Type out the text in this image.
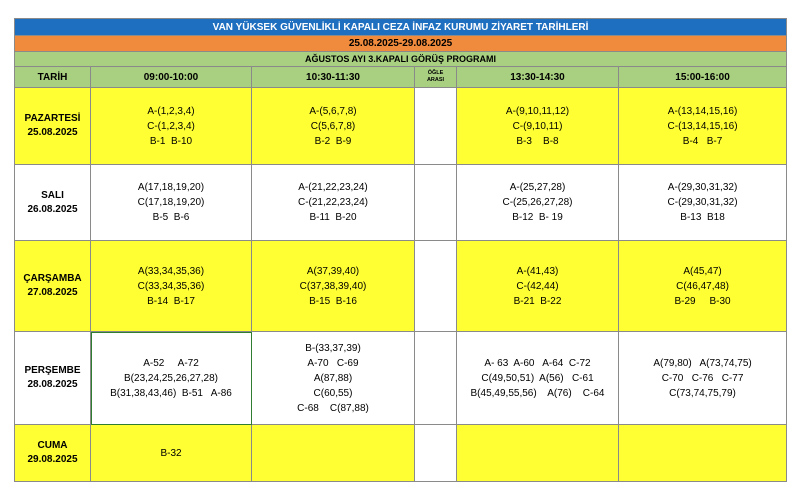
VAN YÜKSEK GÜVENLİKLİ KAPALI CEZA İNFAZ KURUMU ZİYARET TARİHLERİ					
25.08.2025-29.08.2025					
AĞUSTOS AYI 3.KAPALI GÖRÜŞ PROGRAMI					
TARİH	09:00-10:00	10:30-11:30	ÖĞLE
ARASI	13:30-14:30	15:00-16:00

PAZARTESİ
25.08.2025	A-(1,2,3,4)
C-(1,2,3,4)
B-1  B-10	A-(5,6,7,8)
C(5,6,7,8)
B-2  B-9		A-(9,10,11,12)
C-(9,10,11)
B-3    B-8	A-(13,14,15,16)
C-(13,14,15,16)
B-4   B-7

SALI
26.08.2025	A(17,18,19,20)
C(17,18,19,20)
B-5  B-6	A-(21,22,23,24)
C-(21,22,23,24)
B-11  B-20		A-(25,27,28)
C-(25,26,27,28)
B-12  B- 19	A-(29,30,31,32)
C-(29,30,31,32)
B-13  B18

ÇARŞAMBA
27.08.2025	A(33,34,35,36)
C(33,34,35,36)
B-14  B-17	A(37,39,40)
C(37,38,39,40)
B-15  B-16		A-(41,43)
C-(42,44)
B-21  B-22	A(45,47)
C(46,47,48)
B-29     B-30

PERŞEMBE
28.08.2025	A-52     A-72
B(23,24,25,26,27,28)
B(31,38,43,46)  B-51   A-86	B-(33,37,39)
A-70   C-69
A(87,88)
C(60,55)
C-68    C(87,88)		A- 63  A-60   A-64  C-72
C(49,50,51)  A(56)   C-61
B(45,49,55,56)    A(76)    C-64	A(79,80)   A(73,74,75)
C-70   C-76   C-77
C(73,74,75,79)

CUMA
29.08.2025	B-32				
